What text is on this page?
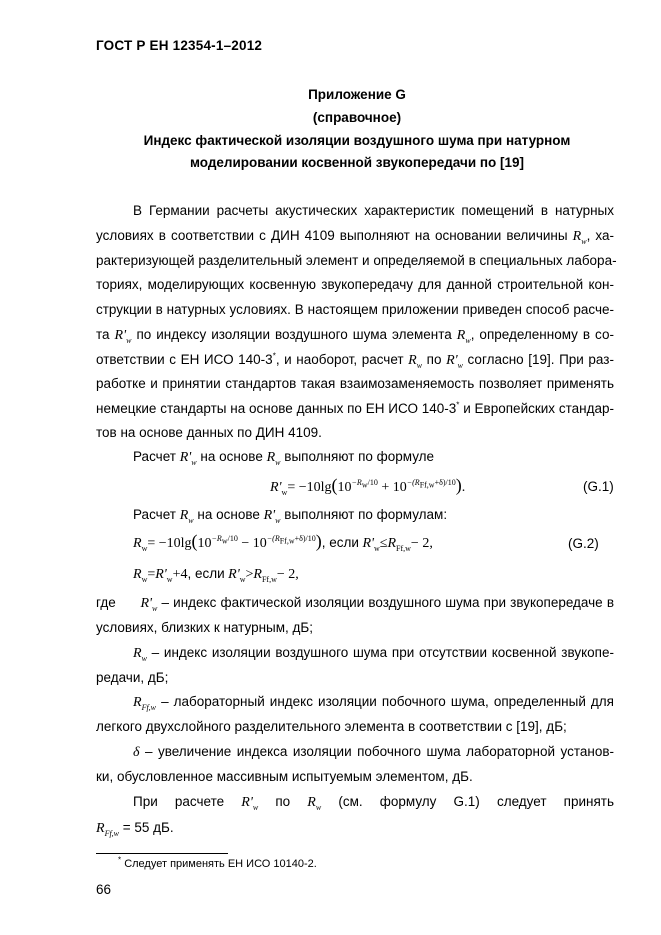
ГОСТ Р ЕН 12354-1–2012
Приложение G
(справочное)
Индекс фактической изоляции воздушного шума при натурном
моделировании косвенной звукопередачи по [19]
В Германии расчеты акустических характеристик помещений в натурных
условиях в соответствии с ДИН 4109 выполняют на основании величины $R_w$, ха-
рактеризующей разделительный элемент и определяемой в специальных лабора-
ториях, моделирующих косвенную звукопередачу для данной строительной кон-
струкции в натурных условиях. В настоящем приложении приведен способ расче-
та $R'_w$ по индексу изоляции воздушного шума элемента $R_w$, определенному в со-
ответствии с ЕН ИСО 140-3*, и наоборот, расчет $R_w$ по $R'_w$ согласно [19]. При раз-
работке и принятии стандартов такая взаимозаменяемость позволяет применять
немецкие стандарты на основе данных по ЕН ИСО 140-3* и Европейских стандар-
тов на основе данных по ДИН 4109.
Расчет $R'_w$ на основе $R_w$ выполняют по формуле
$R'_w= -10\lg(10^{-R_w/10} + 10^{-(R_{Ff,w}+\delta)/10})$.	(G.1)
Расчет $R_w$ на основе $R'_w$ выполняют по формулам:
$R_w= -10\lg(10^{-R_w/10} - 10^{-(R_{Ff,w}+\delta)/10})$, если $R'_w\le R_{Ff,w}- 2$,	(G.2)
$R_w=R'_w+4$, если $R'_w>R_{Ff,w}- 2$,
где $R'_w$ – индекс фактической изоляции воздушного шума при звукопередаче в
условиях, близких к натурным, дБ;
$R_w$ – индекс изоляции воздушного шума при отсутствии косвенной звукопе-
редачи, дБ;
$R_{Ff,w}$ – лабораторный индекс изоляции побочного шума, определенный для
легкого двухслойного разделительного элемента в соответствии с [19], дБ;
δ – увеличение индекса изоляции побочного шума лабораторной установ-
ки, обусловленное массивным испытуемым элементом, дБ.
При расчете $R'_w$ по $R_w$ (см. формулу G.1) следует принять
$R_{Ff,w} = 55$ дБ.
* Следует применять ЕН ИСО 10140-2.
66
